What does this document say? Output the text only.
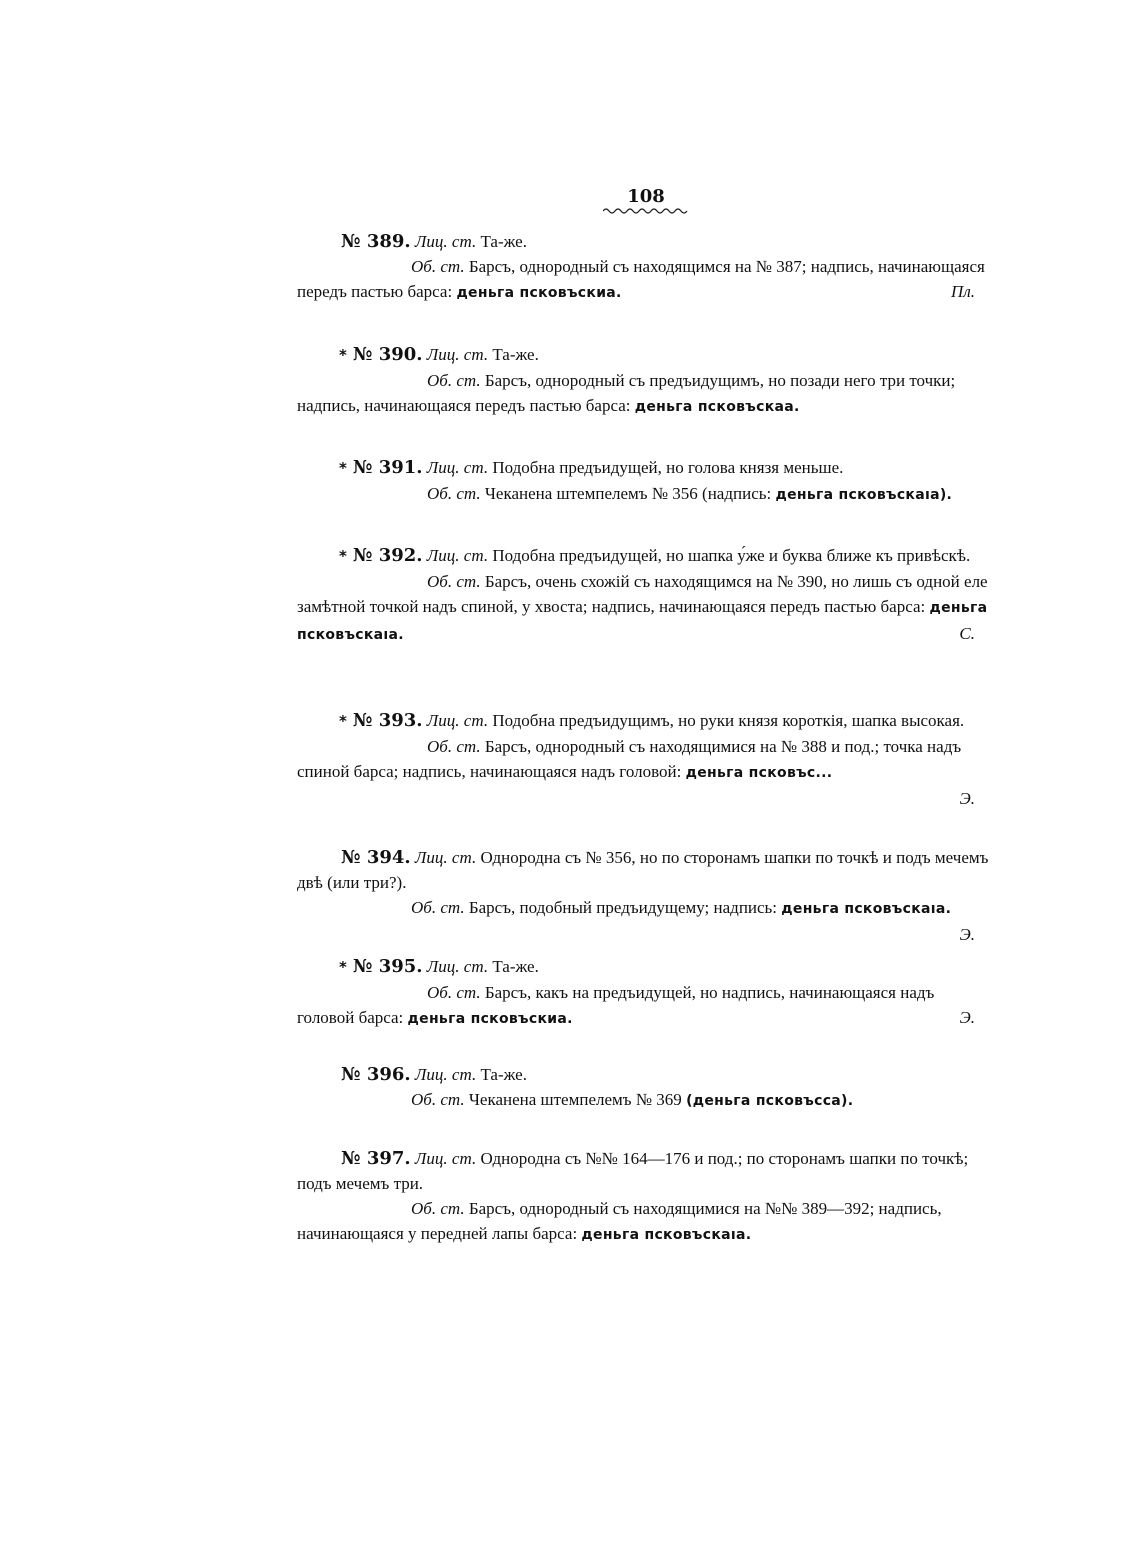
108

№ 389. Лиц. ст. Та-же.

Об. ст. Барсъ, однородный съ находящимся на № 387; надпись, начинающаяся передъ пастью барса: деньга псковъскиа.	Пл.

* № 390. Лиц. ст. Та-же.

Об. ст. Барсъ, однородный съ предъидущимъ, но позади него три точки; надпись, начинающаяся передъ пастью барса: деньга псковъскаа.

* № 391. Лиц. ст. Подобна предъидущей, но голова князя меньше.

Об. ст. Чеканена штемпелемъ № 356 (надпись: деньга псковъскаıа).

* № 392. Лиц. ст. Подобна предъидущей, но шапка у́же и буква ближе къ привѣскѣ.

Об. ст. Барсъ, очень схожiй съ находящимся на № 390, но лишь съ одной еле замѣтной точкой надъ спиной, у хвоста; надпись, начинающаяся передъ пастью барса: деньга псковъскаıа.	С.

* № 393. Лиц. ст. Подобна предъидущимъ, но руки князя короткiя, шапка высокая.

Об. ст. Барсъ, однородный съ находящимися на № 388 и под.; точка надъ спиной барса; надпись, начинающаяся надъ головой: деньга псковъс...
Э.

№ 394. Лиц. ст. Однородна съ № 356, но по сторонамъ шапки по точкѣ и подъ мечемъ двѣ (или три?).

Об. ст. Барсъ, подобный предъидущему; надпись: деньга псковъскаıа.

Э.

* № 395. Лиц. ст. Та-же.

Об. ст. Барсъ, какъ на предъидущей, но надпись, начинающаяся надъ головой барса: деньга псковъскиа.	Э.

№ 396. Лиц. ст. Та-же.

Об. ст. Чеканена штемпелемъ № 369 (деньга псковъсса).

№ 397. Лиц. ст. Однородна съ №№ 164—176 и под.; по сторонамъ шапки по точкѣ; подъ мечемъ три.

Об. ст. Барсъ, однородный съ находящимися на №№ 389—392; надпись, начинающаяся у передней лапы барса: деньга псковъскаıа.
